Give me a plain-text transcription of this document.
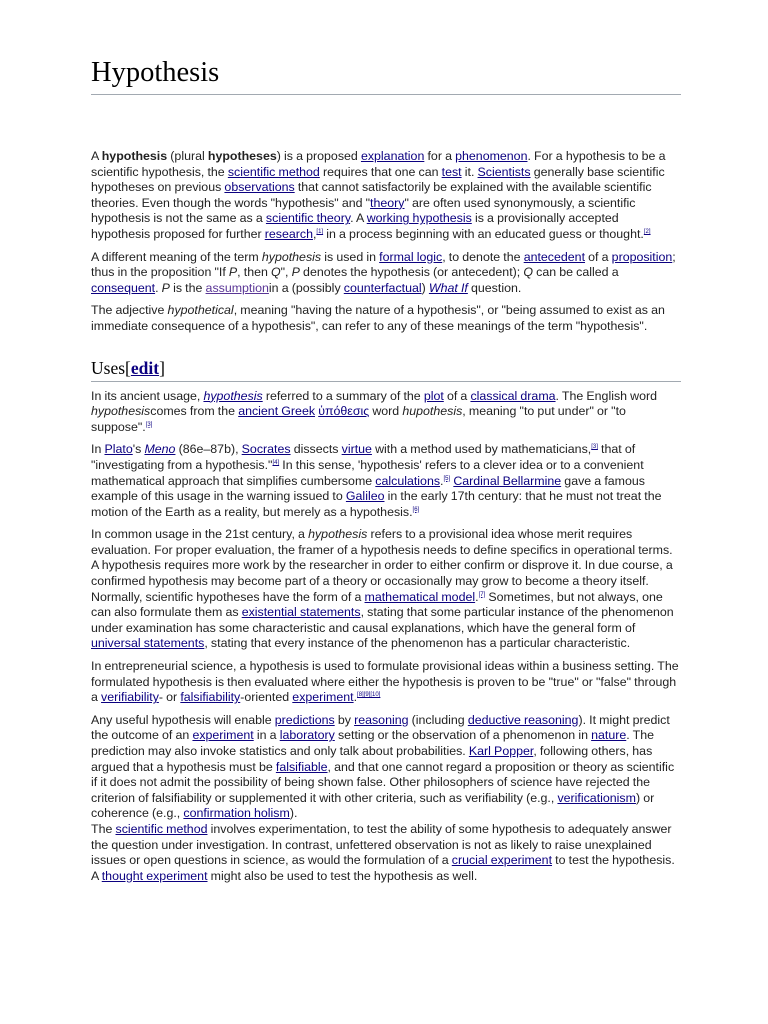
Hypothesis

A hypothesis (plural hypotheses) is a proposed explanation for a phenomenon. For a hypothesis to be a scientific hypothesis, the scientific method requires that one can test it. Scientists generally base scientific hypotheses on previous observations that cannot satisfactorily be explained with the available scientific theories. Even though the words "hypothesis" and "theory" are often used synonymously, a scientific hypothesis is not the same as a scientific theory. A working hypothesis is a provisionally accepted hypothesis proposed for further research,[1] in a process beginning with an educated guess or thought.[2]

A different meaning of the term hypothesis is used in formal logic, to denote the antecedent of a proposition; thus in the proposition "If P, then Q", P denotes the hypothesis (or antecedent); Q can be called a consequent. P is the assumptionin a (possibly counterfactual) What If question.

The adjective hypothetical, meaning "having the nature of a hypothesis", or "being assumed to exist as an immediate consequence of a hypothesis", can refer to any of these meanings of the term "hypothesis".

Uses[edit]

In its ancient usage, hypothesis referred to a summary of the plot of a classical drama. The English word hypothesiscomes from the ancient Greek ὑπόθεσις word hupothesis, meaning "to put under" or "to suppose".[3]

In Plato's Meno (86e–87b), Socrates dissects virtue with a method used by mathematicians,[3] that of "investigating from a hypothesis."[4] In this sense, 'hypothesis' refers to a clever idea or to a convenient mathematical approach that simplifies cumbersome calculations.[5] Cardinal Bellarmine gave a famous example of this usage in the warning issued to Galileo in the early 17th century: that he must not treat the motion of the Earth as a reality, but merely as a hypothesis.[6]

In common usage in the 21st century, a hypothesis refers to a provisional idea whose merit requires evaluation. For proper evaluation, the framer of a hypothesis needs to define specifics in operational terms. A hypothesis requires more work by the researcher in order to either confirm or disprove it. In due course, a confirmed hypothesis may become part of a theory or occasionally may grow to become a theory itself. Normally, scientific hypotheses have the form of a mathematical model.[7] Sometimes, but not always, one can also formulate them as existential statements, stating that some particular instance of the phenomenon under examination has some characteristic and causal explanations, which have the general form of universal statements, stating that every instance of the phenomenon has a particular characteristic.

In entrepreneurial science, a hypothesis is used to formulate provisional ideas within a business setting. The formulated hypothesis is then evaluated where either the hypothesis is proven to be "true" or "false" through a verifiability- or falsifiability-oriented experiment.[8][9][10]

Any useful hypothesis will enable predictions by reasoning (including deductive reasoning). It might predict the outcome of an experiment in a laboratory setting or the observation of a phenomenon in nature. The prediction may also invoke statistics and only talk about probabilities. Karl Popper, following others, has argued that a hypothesis must be falsifiable, and that one cannot regard a proposition or theory as scientific if it does not admit the possibility of being shown false. Other philosophers of science have rejected the criterion of falsifiability or supplemented it with other criteria, such as verifiability (e.g., verificationism) or coherence (e.g., confirmation holism).

The scientific method involves experimentation, to test the ability of some hypothesis to adequately answer the question under investigation. In contrast, unfettered observation is not as likely to raise unexplained issues or open questions in science, as would the formulation of a crucial experiment to test the hypothesis. A thought experiment might also be used to test the hypothesis as well.
